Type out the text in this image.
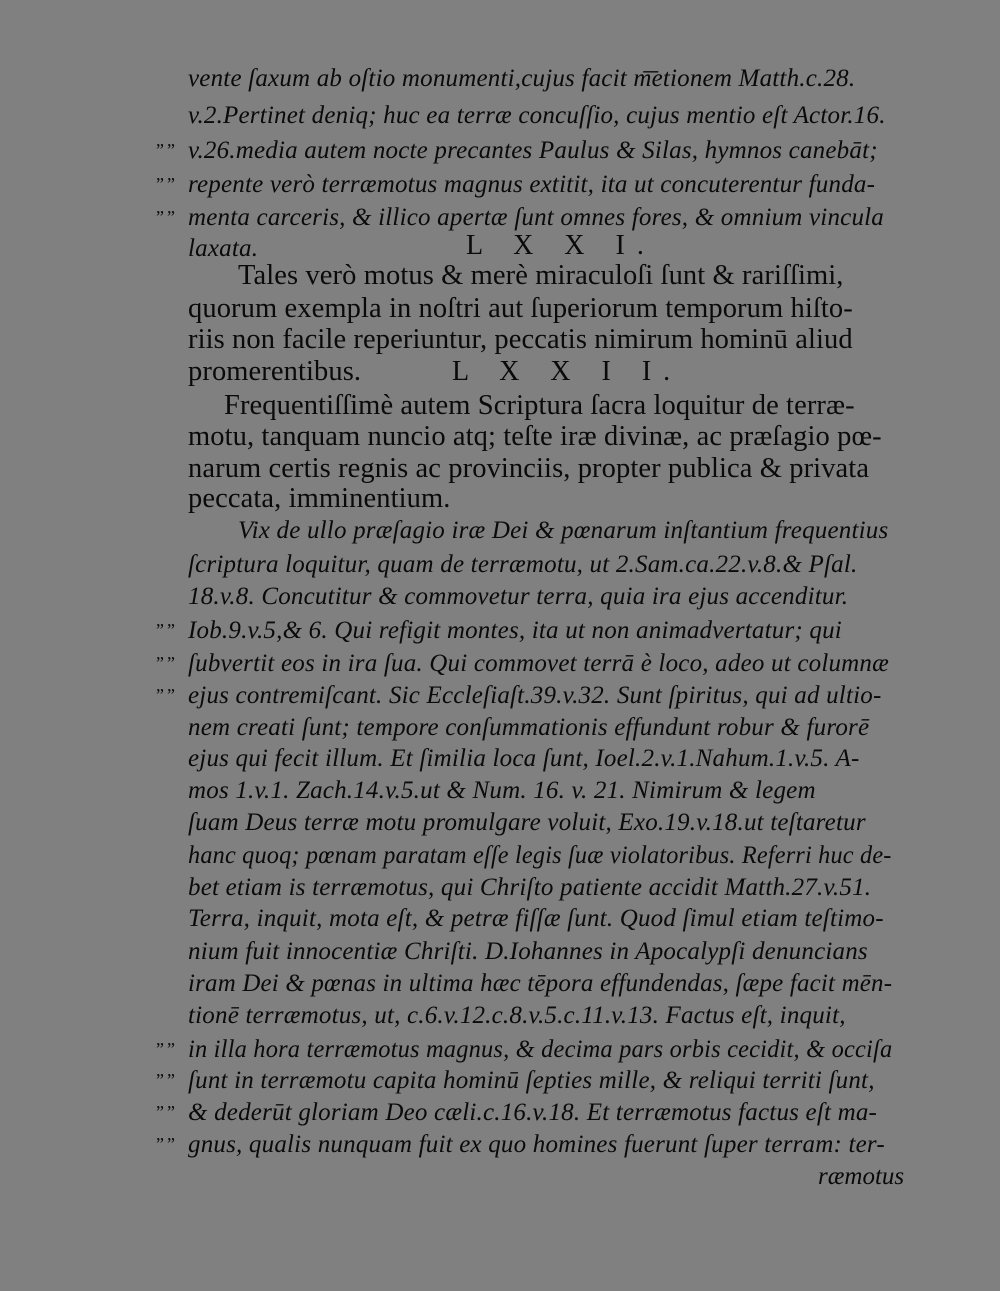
vente ſaxum ab oſtio monumenti,cujus facit m͞etionem Matth.c.28.
v.2.Pertinet deniq; huc ea terræ concuſſio, cujus mentio eſt Actor.16.
”” v.26.media autem nocte precantes Paulus & Silas, hymnos canebāt;
”” repente verò terræmotus magnus extitit, ita ut concuterentur funda-
”” menta carceris, & illico apertæ ſunt omnes fores, & omnium vincula
laxata.	L X X I.
Tales verò motus & merè miraculoſi ſunt & rariſſimi,
quorum exempla in noſtri aut ſuperiorum temporum hiſto-
riis non facile reperiuntur, peccatis nimirum hominū aliud
promerentibus.	L X X I I.
Frequentiſſimè autem Scriptura ſacra loquitur de terræ-
motu, tanquam nuncio atq; teſte iræ divinæ, ac præſagio pœ-
narum certis regnis ac provinciis, propter publica & privata
peccata, imminentium.
Vix de ullo præſagio iræ Dei & pœnarum inſtantium frequentius
ſcriptura loquitur, quam de terræmotu, ut 2.Sam.ca.22.v.8.& Pſal.
18.v.8. Concutitur & commovetur terra, quia ira ejus accenditur.
”” Iob.9.v.5,& 6. Qui refigit montes, ita ut non animadvertatur; qui
”” ſubvertit eos in ira ſua. Qui commovet terrā è loco, adeo ut columnæ
”” ejus contremiſcant. Sic Eccleſiaſt.39.v.32. Sunt ſpiritus, qui ad ultio-
nem creati ſunt; tempore conſummationis effundunt robur & furorē
ejus qui fecit illum. Et ſimilia loca ſunt, Ioel.2.v.1.Nahum.1.v.5. A-
mos 1.v.1. Zach.14.v.5.ut & Num. 16. v. 21. Nimirum & legem
ſuam Deus terræ motu promulgare voluit, Exo.19.v.18.ut teſtaretur
hanc quoq; pœnam paratam eſſe legis ſuæ violatoribus. Referri huc de-
bet etiam is terræmotus, qui Chriſto patiente accidit Matth.27.v.51.
Terra, inquit, mota eſt, & petræ fiſſæ ſunt. Quod ſimul etiam teſtimo-
nium fuit innocentiæ Chriſti. D.Iohannes in Apocalypſi denuncians
iram Dei & pœnas in ultima hæc tēpora effundendas, ſæpe facit mēn-
tionē terræmotus, ut, c.6.v.12.c.8.v.5.c.11.v.13. Factus eſt, inquit,
”” in illa hora terræmotus magnus, & decima pars orbis cecidit, & occiſa
”” ſunt in terræmotu capita hominū ſepties mille, & reliqui territi ſunt,
”” & dederūt gloriam Deo cæli.c.16.v.18. Et terræmotus factus eſt ma-
”” gnus, qualis nunquam fuit ex quo homines fuerunt ſuper terram: ter-
ræmotus
